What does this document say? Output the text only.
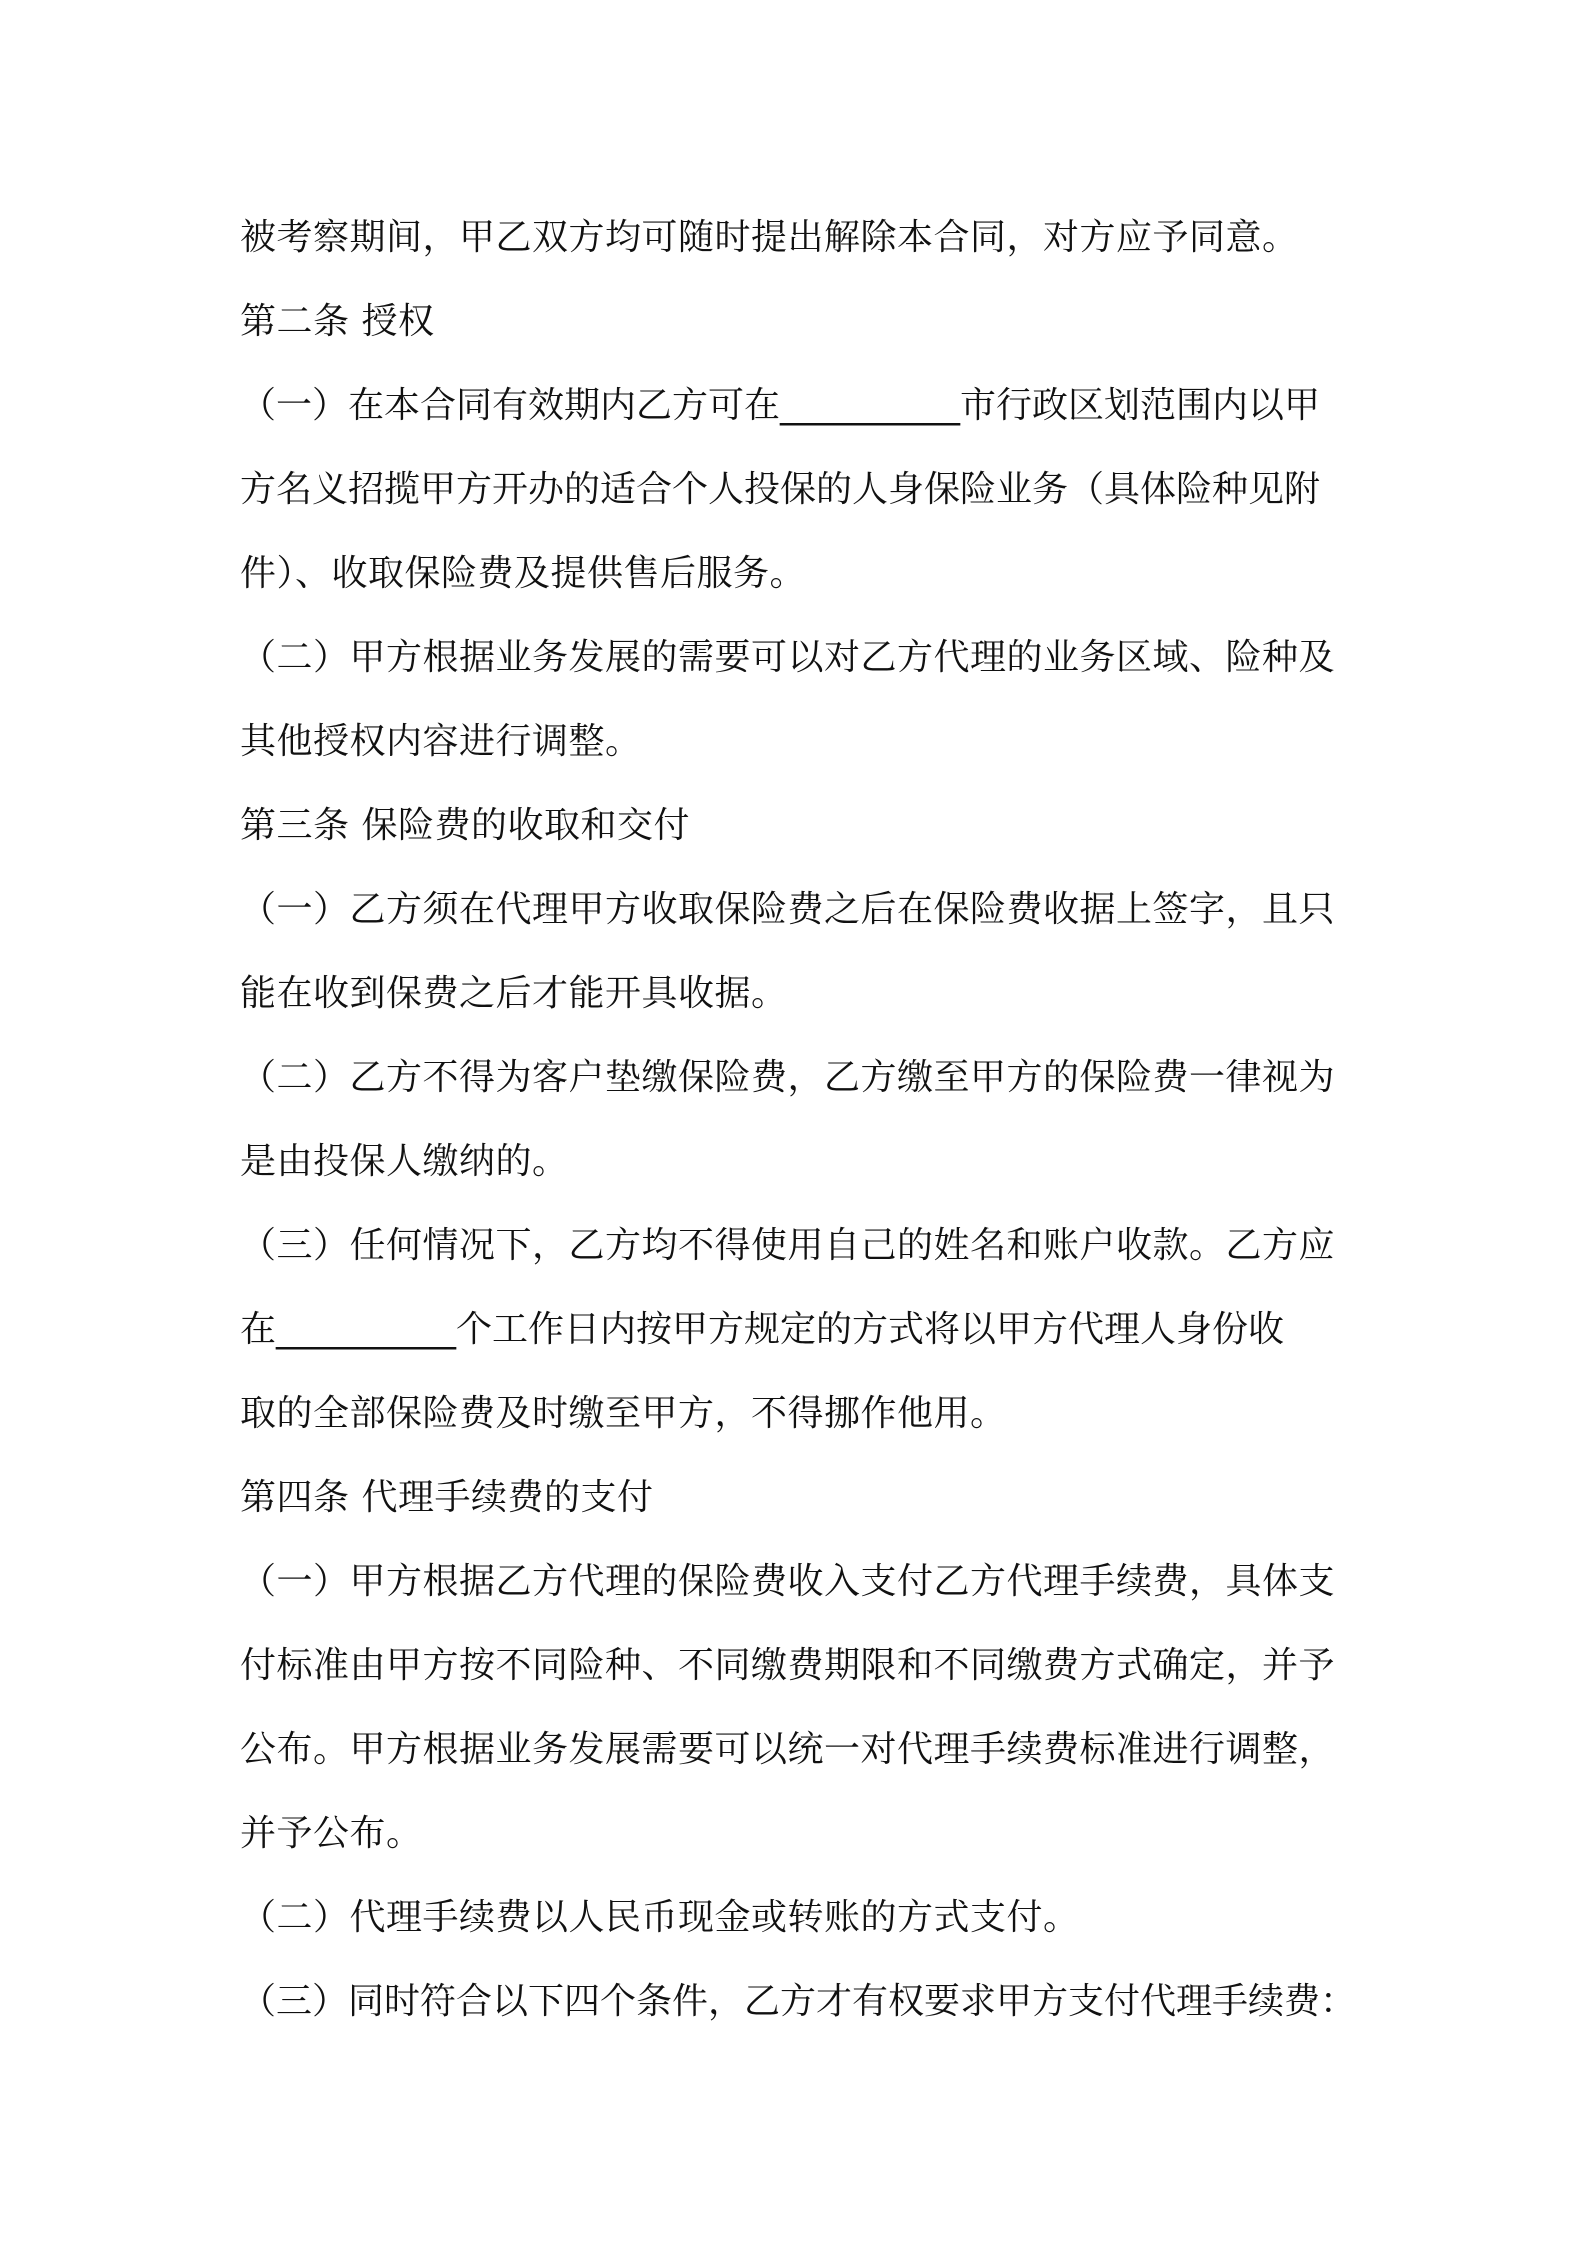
被考察期间，甲乙双方均可随时提出解除本合同，对方应予同意。
第二条 授权
（一）在本合同有效期内乙方可在__________市行政区划范围内以甲
方名义招揽甲方开办的适合个人投保的人身保险业务（具体险种见附
件）、收取保险费及提供售后服务。
（二）甲方根据业务发展的需要可以对乙方代理的业务区域、险种及
其他授权内容进行调整。
第三条 保险费的收取和交付
（一）乙方须在代理甲方收取保险费之后在保险费收据上签字，且只
能在收到保费之后才能开具收据。
（二）乙方不得为客户垫缴保险费，乙方缴至甲方的保险费一律视为
是由投保人缴纳的。
（三）任何情况下，乙方均不得使用自己的姓名和账户收款。乙方应
在__________个工作日内按甲方规定的方式将以甲方代理人身份收
取的全部保险费及时缴至甲方，不得挪作他用。
第四条 代理手续费的支付
（一）甲方根据乙方代理的保险费收入支付乙方代理手续费，具体支
付标准由甲方按不同险种、不同缴费期限和不同缴费方式确定，并予
公布。甲方根据业务发展需要可以统一对代理手续费标准进行调整，
并予公布。
（二）代理手续费以人民币现金或转账的方式支付。
（三）同时符合以下四个条件，乙方才有权要求甲方支付代理手续费：
